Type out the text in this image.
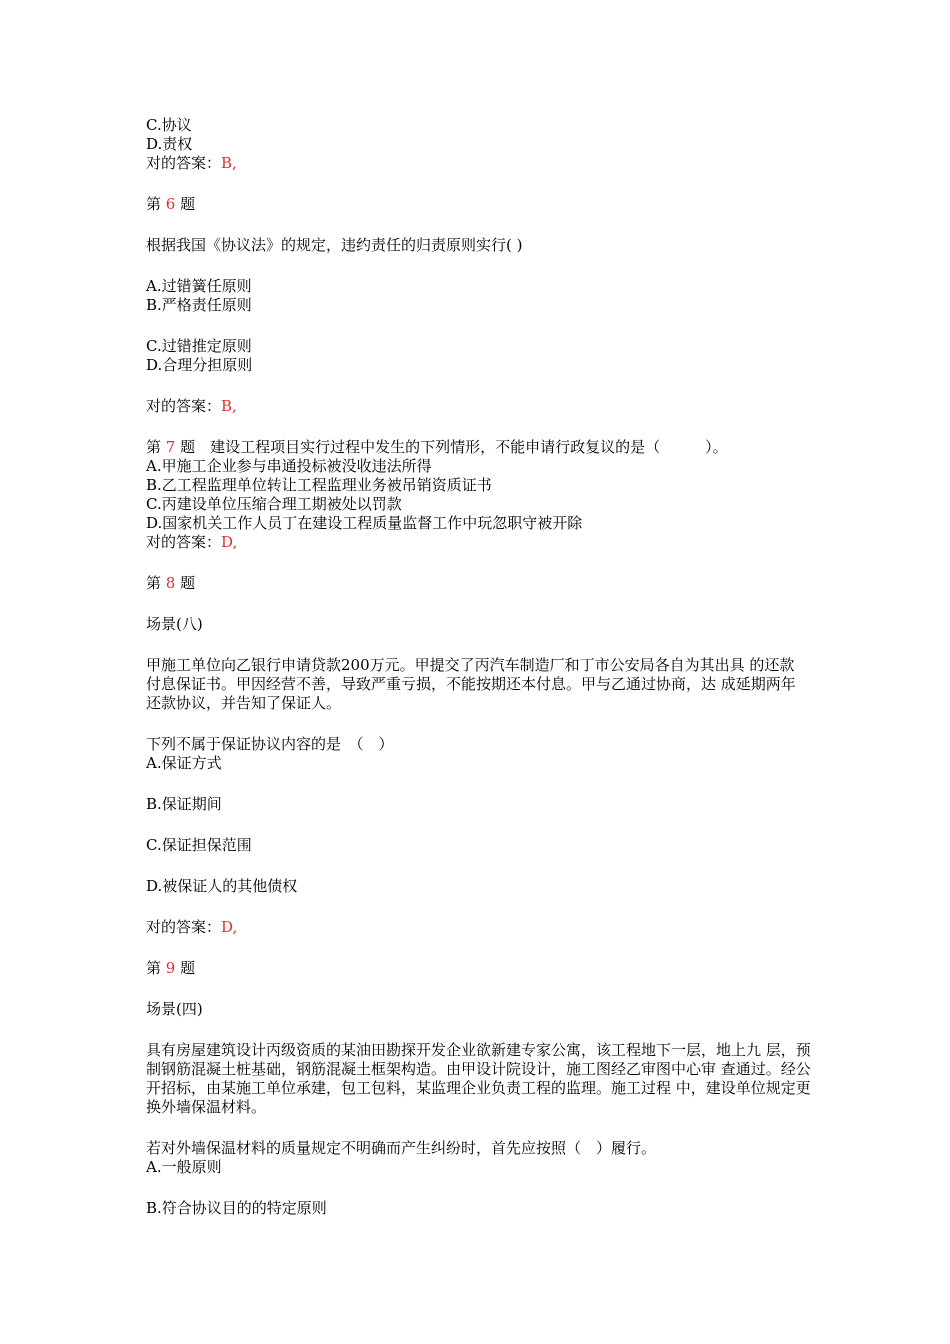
C.协议
D.责权
对的答案：B,
第 6 题
根据我国《协议法》的规定，违约责任的归责原则实行( )
A.过错簧任原则
B.严格责任原则
C.过错推定原则
D.合理分担原则
对的答案：B,
第 7 题　建设工程项目实行过程中发生的下列情形，不能申请行政复议的是（　　　）。
A.甲施工企业参与串通投标被没收违法所得
B.乙工程监理单位转让工程监理业务被吊销资质证书
C.丙建设单位压缩合理工期被处以罚款
D.国家机关工作人员丁在建设工程质量监督工作中玩忽职守被开除
对的答案：D,
第 8 题
场景(八)
甲施工单位向乙银行申请贷款200万元。甲提交了丙汽车制造厂和丁市公安局各自为其出具 的还款付息保证书。甲因经营不善，导致严重亏损，不能按期还本付息。甲与乙通过协商，达 成延期两年还款协议，并告知了保证人。
下列不属于保证协议内容的是　（　）
A.保证方式
B.保证期间
C.保证担保范围
D.被保证人的其他债权
对的答案：D,
第 9 题
场景(四)
具有房屋建筑设计丙级资质的某油田勘探开发企业欲新建专家公寓，该工程地下一层，地上九 层，预制钢筋混凝土桩基础，钢筋混凝土框架构造。由甲设计院设计，施工图经乙审图中心审 查通过。经公开招标，由某施工单位承建，包工包料，某监理企业负责工程的监理。施工过程 中，建设单位规定更换外墙保温材料。
若对外墙保温材料的质量规定不明确而产生纠纷时，首先应按照（　）履行。
A.一般原则
B.符合协议目的的特定原则
